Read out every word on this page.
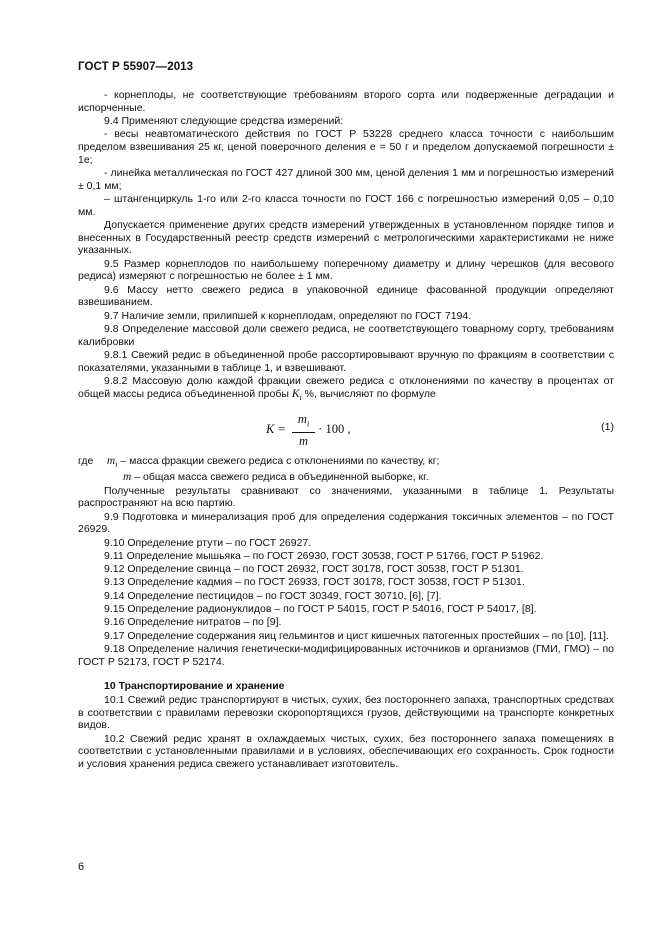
ГОСТ Р 55907—2013

- корнеплоды, не соответствующие требованиям второго сорта или подверженные деградации и испорченные.

9.4 Применяют следующие средства измерений:

- весы неавтоматического действия по ГОСТ Р 53228 среднего класса точности с наибольшим пределом взвешивания 25 кг, ценой поверочного деления е = 50 г и пределом допускаемой погрешности ± 1е;

- линейка металлическая по ГОСТ 427 длиной 300 мм, ценой деления 1 мм и погрешностью измерений ± 0,1 мм;

– штангенциркуль 1-го или 2-го класса точности по ГОСТ 166 с погрешностью измерений 0,05 – 0,10 мм.

Допускается применение других средств измерений утвержденных в установленном порядке типов и внесенных в Государственный реестр средств измерений с метрологическими характеристиками не ниже указанных.

9.5 Размер корнеплодов по наибольшему поперечному диаметру и длину черешков (для весового редиса) измеряют с погрешностью не более ± 1 мм.

9.6 Массу нетто свежего редиса в упаковочной единице фасованной продукции определяют взвешиванием.

9.7 Наличие земли, прилипшей к корнеплодам, определяют по ГОСТ 7194.

9.8 Определение массовой доли свежего редиса, не соответствующего товарному сорту, требованиям калибровки

9.8.1 Свежий редис в объединенной пробе рассортировывают вручную по фракциям в соответствии с показателями, указанными в таблице 1, и взвешивают.

9.8.2 Массовую долю каждой фракции свежего редиса с отклонениями по качеству в процентах от общей массы редиса объединенной пробы $K_i$ %, вычисляют по формуле

$K = \frac{m_i}{m} \cdot 100$ ,	(1)

где $m_i$ – масса фракции свежего редиса с отклонениями по качеству, кг;

m – общая масса свежего редиса в объединенной выборке, кг.

Полученные результаты сравнивают со значениями, указанными в таблице 1. Результаты распространяют на всю партию.

9.9 Подготовка и минерализация проб для определения содержания токсичных элементов – по ГОСТ 26929.

9.10 Определение ртути – по ГОСТ 26927.

9.11 Определение мышьяка – по ГОСТ 26930, ГОСТ 30538, ГОСТ Р 51766, ГОСТ Р 51962.

9.12 Определение свинца – по ГОСТ 26932, ГОСТ 30178, ГОСТ 30538, ГОСТ Р 51301.

9.13 Определение кадмия – по ГОСТ 26933, ГОСТ 30178, ГОСТ 30538, ГОСТ Р 51301.

9.14 Определение пестицидов – по ГОСТ 30349, ГОСТ 30710, [6], [7].

9.15 Определение радионуклидов – по ГОСТ Р 54015, ГОСТ Р 54016, ГОСТ Р 54017, [8].

9.16 Определение нитратов – по [9].

9.17 Определение содержания яиц гельминтов и цист кишечных патогенных простейших – по [10], [11].

9.18 Определение наличия генетически-модифицированных источников и организмов (ГМИ, ГМО) – по ГОСТ Р 52173, ГОСТ Р 52174.

10 Транспортирование и хранение

10.1 Свежий редис транспортируют в чистых, сухих, без постороннего запаха, транспортных средствах в соответствии с правилами перевозки скоропортящихся грузов, действующими на транспорте конкретных видов.

10.2 Свежий редис хранят в охлаждаемых чистых, сухих, без постороннего запаха помещениях в соответствии с установленными правилами и в условиях, обеспечивающих его сохранность. Срок годности и условия хранения редиса свежего устанавливает изготовитель.

6
